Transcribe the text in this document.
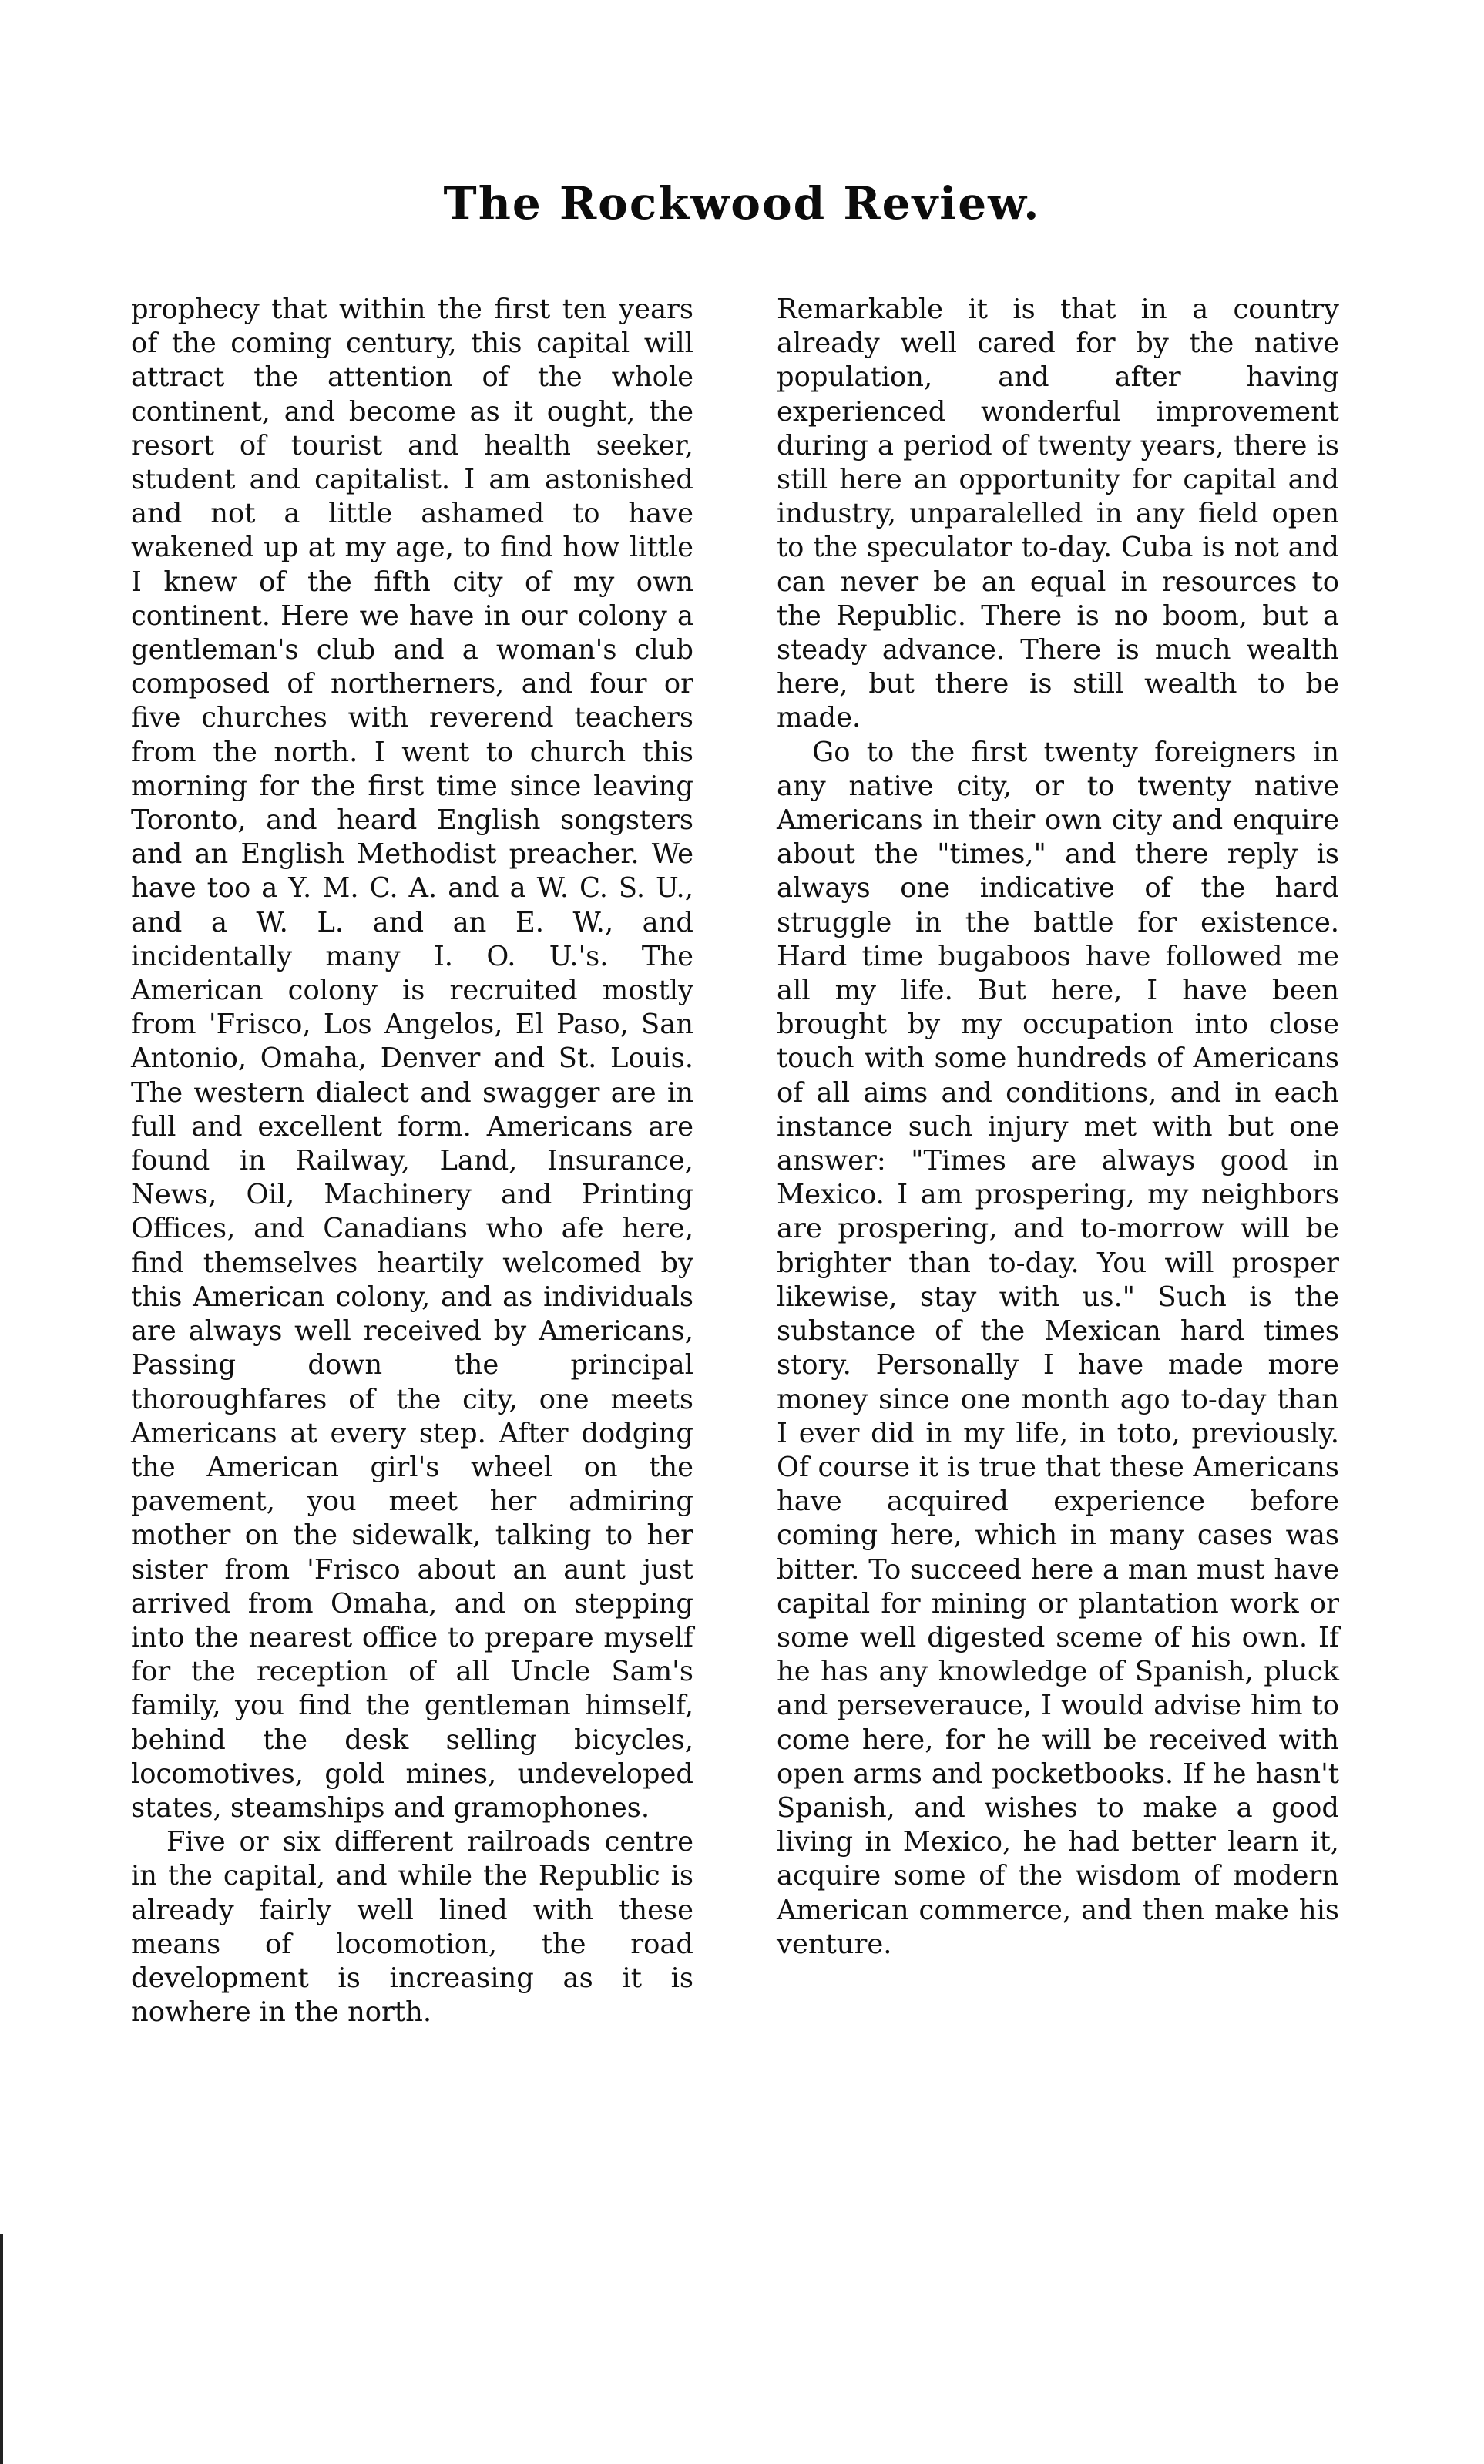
The Rockwood Review.

prophecy that within the first ten years of the coming century, this capital will attract the attention of the whole continent, and become as it ought, the resort of tourist and health seeker, student and capitalist. I am astonished and not a little ashamed to have wakened up at my age, to find how little I knew of the fifth city of my own continent. Here we have in our colony a gentleman's club and a woman's club composed of northerners, and four or five churches with reverend teachers from the north. I went to church this morning for the first time since leaving Toronto, and heard English songsters and an English Methodist preacher. We have too a Y. M. C. A. and a W. C. S. U., and a W. L. and an E. W., and incidentally many I. O. U.'s. The American colony is recruited mostly from 'Frisco, Los Angelos, El Paso, San Antonio, Omaha, Denver and St. Louis. The western dialect and swagger are in full and excellent form. Americans are found in Railway, Land, Insurance, News, Oil, Machinery and Printing Offices, and Canadians who afe here, find themselves heartily welcomed by this American colony, and as individuals are always well received by Americans, Passing down the principal thoroughfares of the city, one meets Americans at every step. After dodging the American girl's wheel on the pavement, you meet her admiring mother on the sidewalk, talking to her sister from 'Frisco about an aunt just arrived from Omaha, and on stepping into the nearest office to prepare myself for the reception of all Uncle Sam's family, you find the gentleman himself, behind the desk selling bicycles, locomotives, gold mines, undeveloped states, steamships and gramophones.

Five or six different railroads centre in the capital, and while the Republic is already fairly well lined with these means of locomotion, the road development is increasing as it is nowhere in the north.

Remarkable it is that in a country already well cared for by the native population, and after having experienced wonderful improvement during a period of twenty years, there is still here an opportunity for capital and industry, unparalelled in any field open to the speculator to-day. Cuba is not and can never be an equal in resources to the Republic. There is no boom, but a steady advance. There is much wealth here, but there is still wealth to be made.

Go to the first twenty foreigners in any native city, or to twenty native Americans in their own city and enquire about the "times," and there reply is always one indicative of the hard struggle in the battle for existence. Hard time bugaboos have followed me all my life. But here, I have been brought by my occupation into close touch with some hundreds of Americans of all aims and conditions, and in each instance such injury met with but one answer: "Times are always good in Mexico. I am prospering, my neighbors are prospering, and to-morrow will be brighter than to-day. You will prosper likewise, stay with us." Such is the substance of the Mexican hard times story. Personally I have made more money since one month ago to-day than I ever did in my life, in toto, previously. Of course it is true that these Americans have acquired experience before coming here, which in many cases was bitter. To succeed here a man must have capital for mining or plantation work or some well digested sceme of his own. If he has any knowledge of Spanish, pluck and perseverauce, I would advise him to come here, for he will be received with open arms and pocketbooks. If he hasn't Spanish, and wishes to make a good living in Mexico, he had better learn it, acquire some of the wisdom of modern American commerce, and then make his venture.
